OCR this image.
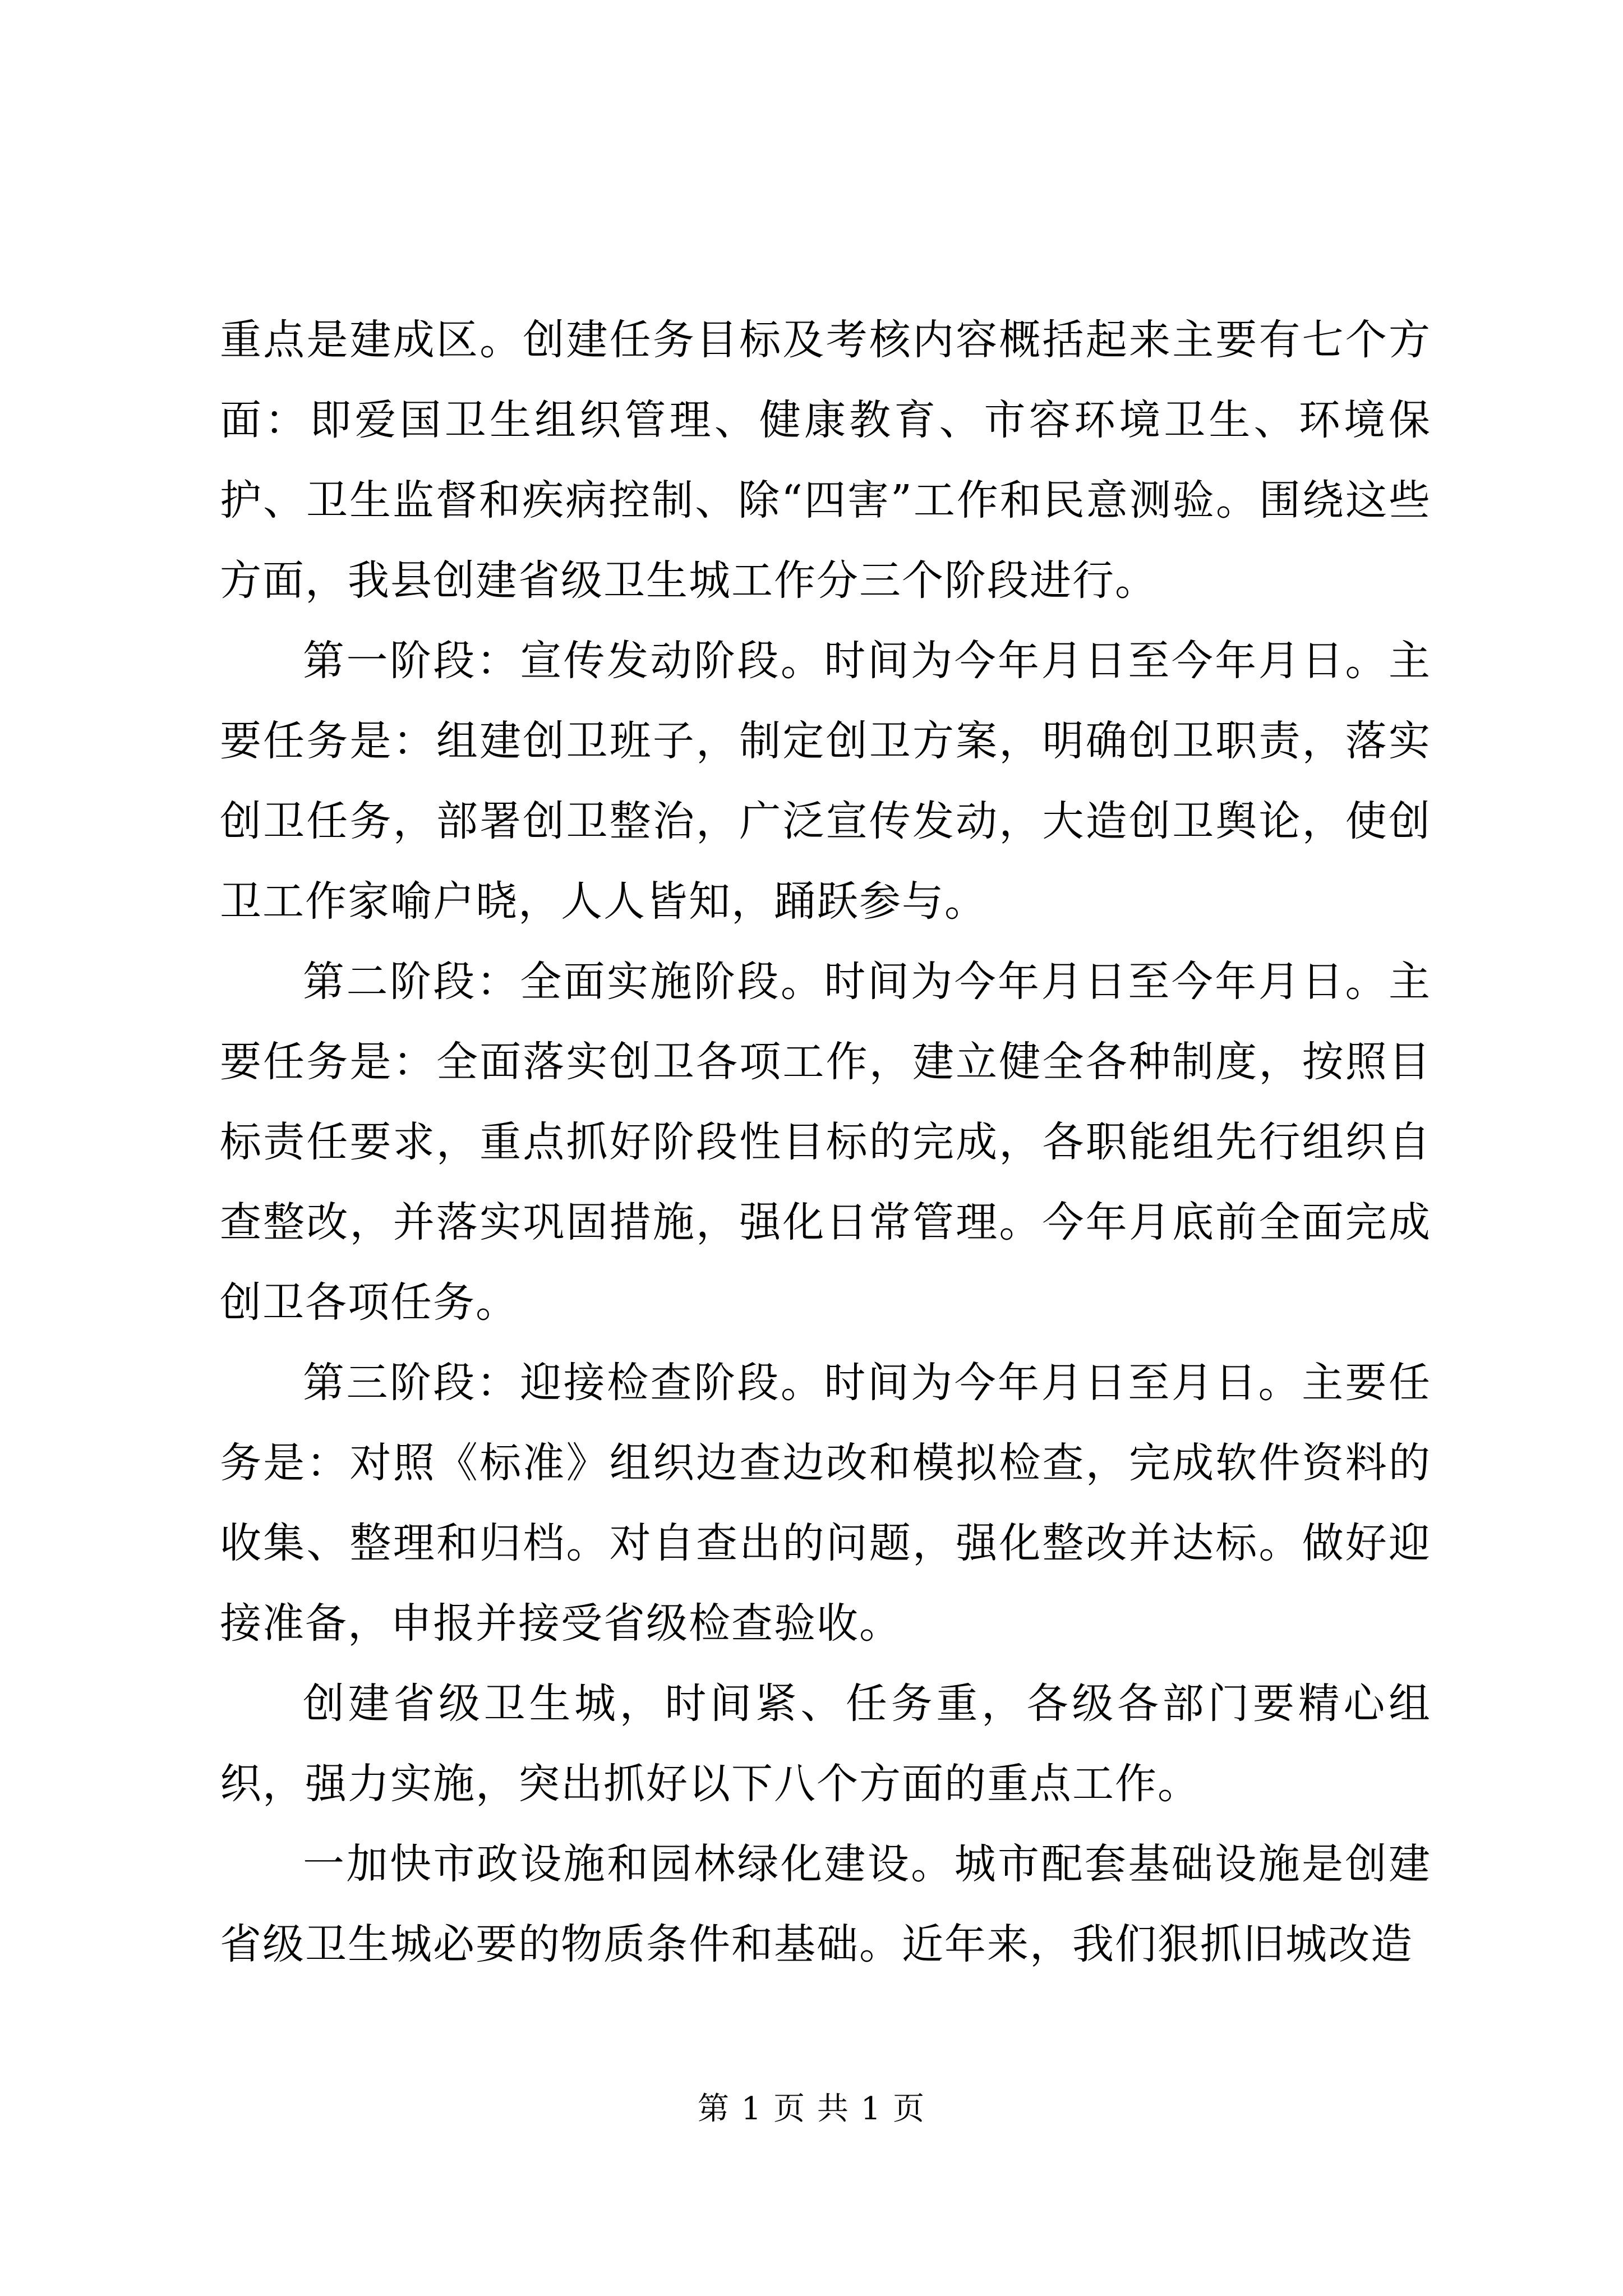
重点是建成区。创建任务目标及考核内容概括起来主要有七个方面：即爱国卫生组织管理、健康教育、市容环境卫生、环境保护、卫生监督和疾病控制、除“四害”工作和民意测验。围绕这些方面，我县创建省级卫生城工作分三个阶段进行。

第一阶段：宣传发动阶段。时间为今年月日至今年月日。主要任务是：组建创卫班子，制定创卫方案，明确创卫职责，落实创卫任务，部署创卫整治，广泛宣传发动，大造创卫舆论，使创卫工作家喻户晓，人人皆知，踊跃参与。

第二阶段：全面实施阶段。时间为今年月日至今年月日。主要任务是：全面落实创卫各项工作，建立健全各种制度，按照目标责任要求，重点抓好阶段性目标的完成，各职能组先行组织自查整改，并落实巩固措施，强化日常管理。今年月底前全面完成创卫各项任务。

第三阶段：迎接检查阶段。时间为今年月日至月日。主要任务是：对照《标准》组织边查边改和模拟检查，完成软件资料的收集、整理和归档。对自查出的问题，强化整改并达标。做好迎接准备，申报并接受省级检查验收。

创建省级卫生城，时间紧、任务重，各级各部门要精心组织，强力实施，突出抓好以下八个方面的重点工作。

一加快市政设施和园林绿化建设。城市配套基础设施是创建省级卫生城必要的物质条件和基础。近年来，我们狠抓旧城改造

第 1 页 共 1 页
